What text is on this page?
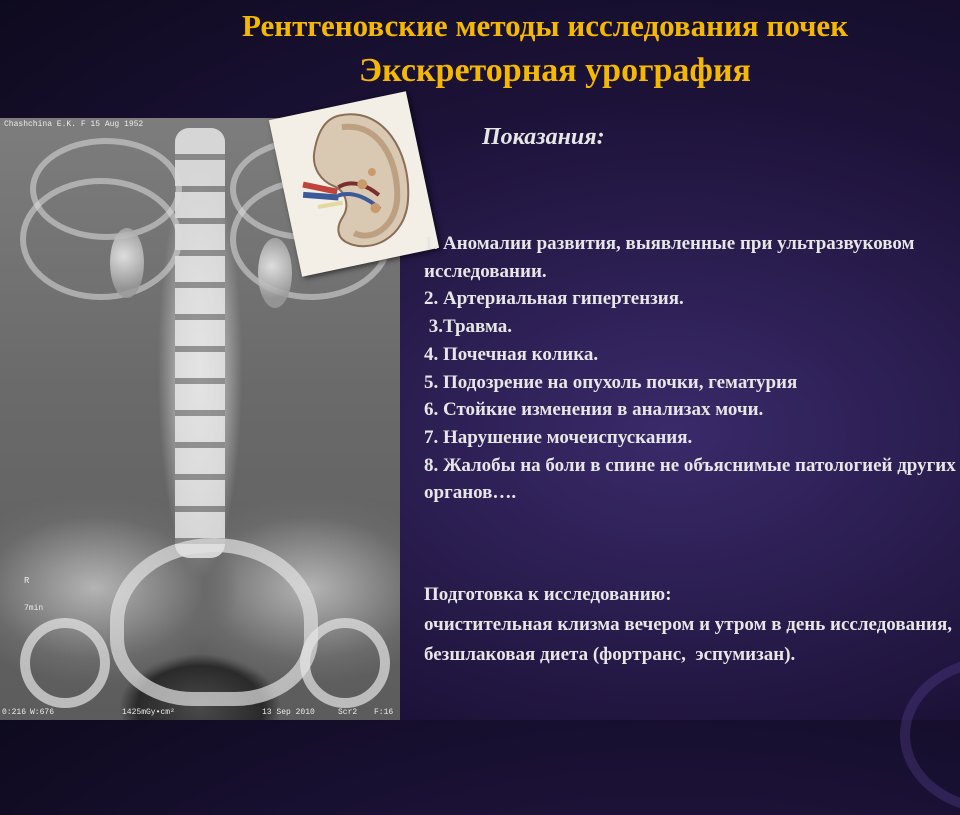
Chashchina E.K. F 15 Aug 1952
R
7min
0:216 W:676	1425mGy•cm²	13 Sep 2010	Scr2 F:16
Рентгеновские методы исследования почек
Экскреторная урография
Показания:
1. Аномалии развития, выявленные при ультразвуковом исследовании.
2. Артериальная гипертензия.
3.Травма.
4. Почечная колика.
5. Подозрение на опухоль почки, гематурия
6. Стойкие изменения в анализах мочи.
7. Нарушение мочеиспускания.
8. Жалобы на боли в спине не объяснимые патологией других органов….

Подготовка к исследованию:

очистительная клизма вечером и утром в день исследования, безшлаковая диета (фортранс,  эспумизан).
